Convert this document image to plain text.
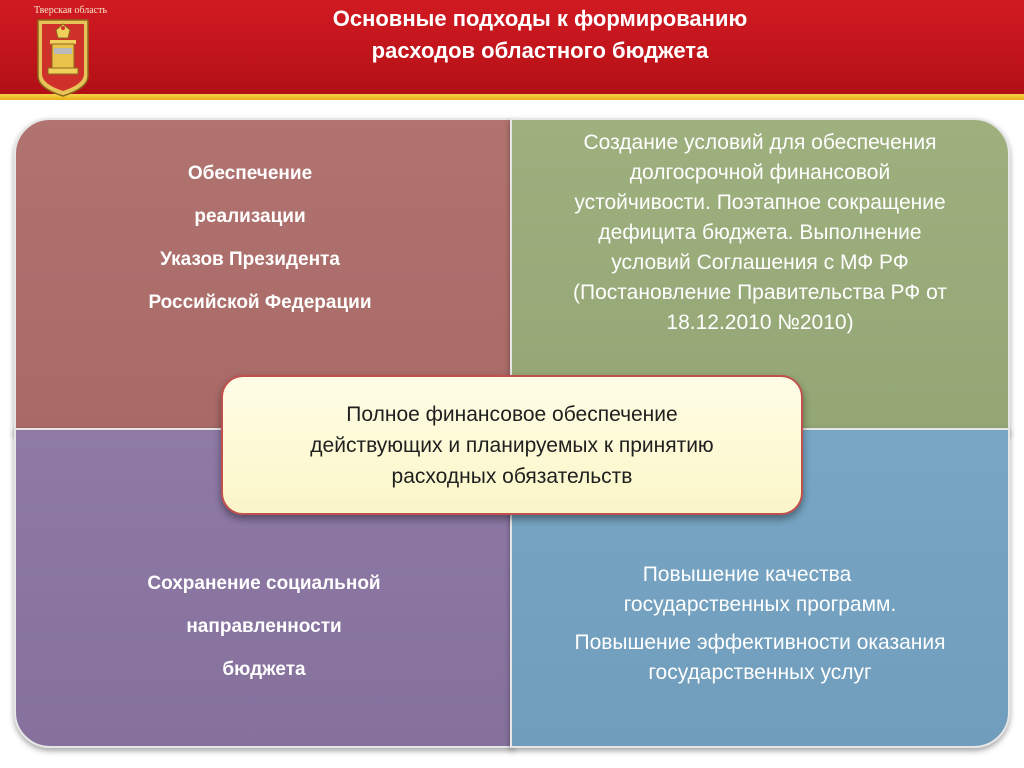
Тверская область	Основные подходы к формированию
расходов областного бюджета
Обеспечение
реализации
Указов Президента
Российской Федерации
Создание условий для обеспечения
долгосрочной финансовой
устойчивости. Поэтапное сокращение
дефицита бюджета. Выполнение
условий Соглашения с МФ РФ
(Постановление Правительства РФ от
18.12.2010 №2010)
Сохранение социальной
направленности
бюджета
Повышение качества
государственных программ.
Повышение эффективности оказания
государственных услуг
Полное финансовое обеспечение
действующих и планируемых к принятию
расходных обязательств
